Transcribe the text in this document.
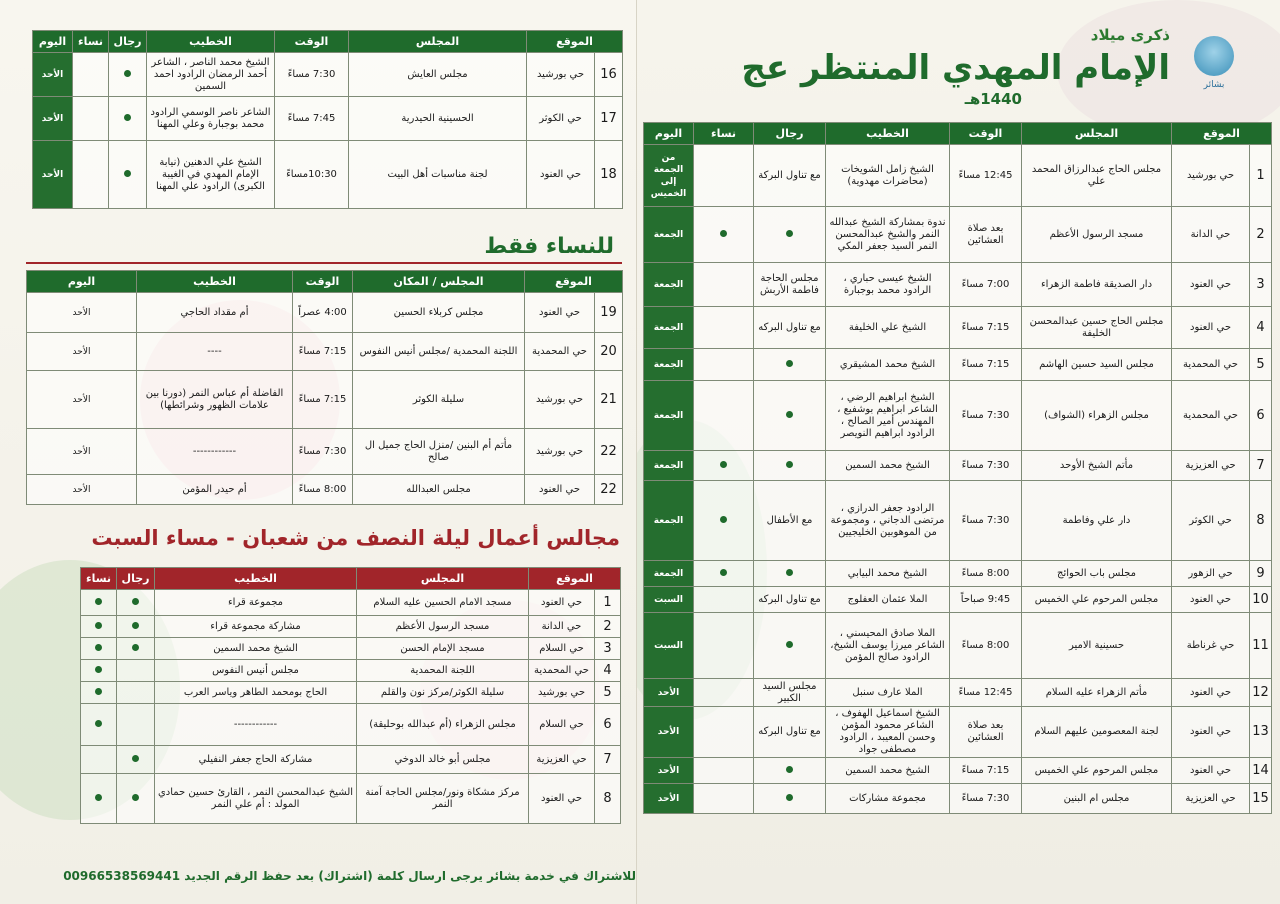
الموقع		المجلس	الوقت	الخطيب	رجال	نساء	اليوم
16	حي بورشيد	مجلس العايش	7:30 مساءً	الشيخ محمد الناصر ، الشاعر أحمد الرمضان الرادود احمد السمين			الأحد
17	حي الكوثر	الحسينية الحيدرية	7:45 مساءً	الشاعر ناصر الوسمي الرادود محمد بوجبارة وعلي المهنا			الأحد
18	حي العنود	لجنة مناسبات أهل البيت	10:30مساءً	الشيخ علي الدهنين (نيابة الإمام المهدي في الغيبة الكبرى) الرادود علي المهنا			الأحد
للنساء فقط
الموقع		المجلس / المكان	الوقت	الخطيب	اليوم
19	حي العنود	مجلس كربلاء الحسين	4:00 عصراً	أم مقداد الحاجي	الأحد
20	حي المحمدية	اللجنة المحمدية /مجلس أنيس النفوس	7:15 مساءً	----	الأحد
21	حي بورشيد	سليلة الكوثر	7:15 مساءً	الفاضلة أم عباس النمر (دورنا بين علامات الظهور وشرائطها)	الأحد
22	حي بورشيد	مأتم أم البنين /منزل الحاج جميل ال صالح	7:30 مساءً	------------	الأحد
22	حي العنود	مجلس العبدالله	8:00 مساءً	أم حيدر المؤمن	الأحد
مجالس أعمال ليلة النصف من شعبان - مساء السبت
الموقع		المجلس	الخطيب	رجال	نساء
1	حي العنود	مسجد الامام الحسين عليه السلام	مجموعة قراء		
2	حي الدانة	مسجد الرسول الأعظم	مشاركة مجموعة قراء		
3	حي السلام	مسجد الإمام الحسن	الشيخ محمد السمين		
4	حي المحمدية	اللجنة المحمدية	مجلس أنيس النفوس		
5	حي بورشيد	سليلة الكوثر/مركز نون والقلم	الحاج بومحمد الطاهر وياسر العرب		
6	حي السلام	مجلس الزهراء (أم عبدالله بوحليقة)	------------		
7	حي العزيزية	مجلس أبو خالد الدوخي	مشاركة الحاج جعفر النفيلي		
8	حي العنود	مركز مشكاة ونور/مجلس الحاجة آمنة النمر	الشيخ عبدالمحسن النمر ، القارئ حسين حمادي المولد : أم علي النمر		
للاشتراك في خدمة بشائر يرجى ارسال كلمة (اشتراك) بعد حفظ الرقم الجديد 00966538569441
ذكرى ميلاد
الإمام المهدي المنتظر عج
1440هـ
بشائر
الموقع		المجلس	الوقت	الخطيب	رجال	نساء	اليوم
1	حي بورشيد	مجلس الحاج عبدالرزاق المحمد علي	12:45 مساءً	الشيخ زامل الشويخات (محاضرات مهدوية)	مع تناول البركة		من الجمعة إلى الخميس
2	حي الدانة	مسجد الرسول الأعظم	بعد صلاة العشائين	ندوة بمشاركة الشيخ عبدالله النمر والشيخ عبدالمحسن النمر السيد جعفر المكي			الجمعة
3	حي العنود	دار الصديقة فاطمة الزهراء	7:00 مساءً	الشيخ عيسى حباري ، الرادود محمد بوجبارة	مجلس الحاجة فاطمة الأربش		الجمعة
4	حي العنود	مجلس الحاج حسين عبدالمحسن الخليفة	7:15 مساءً	الشيخ علي الخليفة	مع تناول البركه		الجمعة
5	حي المحمدية	مجلس السيد حسين الهاشم	7:15 مساءً	الشيخ محمد المشيقري			الجمعة
6	حي المحمدية	مجلس الزهراء (الشواف)	7:30 مساءً	الشيخ ابراهيم الرضي ، الشاعر ابراهيم بوشفيع ، المهندس أمير الصالح ، الرادود ابراهيم النويصر			الجمعة
7	حي العزيزية	مأتم الشيخ الأوحد	7:30 مساءً	الشيخ محمد السمين			الجمعة
8	حي الكوثر	دار علي وفاطمة	7:30 مساءً	الرادود جعفر الدرازي ، مرتضى الدجاني ، ومجموعة من الموهوبين الخليجيين	مع الأطفال		الجمعة
9	حي الزهور	مجلس باب الحوائج	8:00 مساءً	الشيخ محمد البيابي			الجمعة
10	حي العنود	مجلس المرحوم علي الخميس	9:45 صباحاً	الملا عثمان العفلوج	مع تناول البركه		السبت
11	حي غرناطة	حسينية الامير	8:00 مساءً	الملا صادق المحيسني ، الشاعر ميرزا يوسف الشيخ، الرادود صالح المؤمن			السبت
12	حي العنود	مأتم الزهراء عليه السلام	12:45 مساءً	الملا عارف سنبل	مجلس السيد الكبير		الأحد
13	حي العنود	لجنة المعصومين عليهم السلام	بعد صلاة العشائين	الشيخ اسماعيل الهفوف ، الشاعر محمود المؤمن وحسن المعيبد ، الرادود مصطفى جواد	مع تناول البركه		الأحد
14	حي العنود	مجلس المرحوم علي الخميس	7:15 مساءً	الشيخ محمد السمين			الأحد
15	حي العزيزية	مجلس ام البنين	7:30 مساءً	مجموعة مشاركات			الأحد
